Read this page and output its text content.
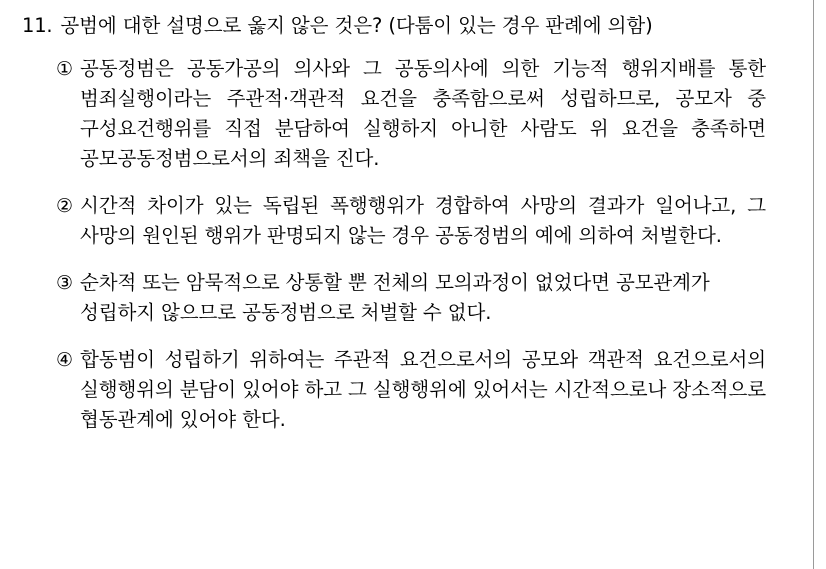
11. 공범에 대한 설명으로 옳지 않은 것은? (다툼이 있는 경우 판례에 의함)
① 공동정범은 공동가공의 의사와 그 공동의사에 의한 기능적 행위지배를 통한 범죄실행이라는 주관적·객관적 요건을 충족함으로써 성립하므로, 공모자 중 구성요건행위를 직접 분담하여 실행하지 아니한 사람도 위 요건을 충족하면 공모공동정범으로서의 죄책을 진다.
② 시간적 차이가 있는 독립된 폭행행위가 경합하여 사망의 결과가 일어나고, 그 사망의 원인된 행위가 판명되지 않는 경우 공동정범의 예에 의하여 처벌한다.
③ 순차적 또는 암묵적으로 상통할 뿐 전체의 모의과정이 없었다면 공모관계가 성립하지 않으므로 공동정범으로 처벌할 수 없다.
④ 합동범이 성립하기 위하여는 주관적 요건으로서의 공모와 객관적 요건으로서의 실행행위의 분담이 있어야 하고 그 실행행위에 있어서는 시간적으로나 장소적으로 협동관계에 있어야 한다.
